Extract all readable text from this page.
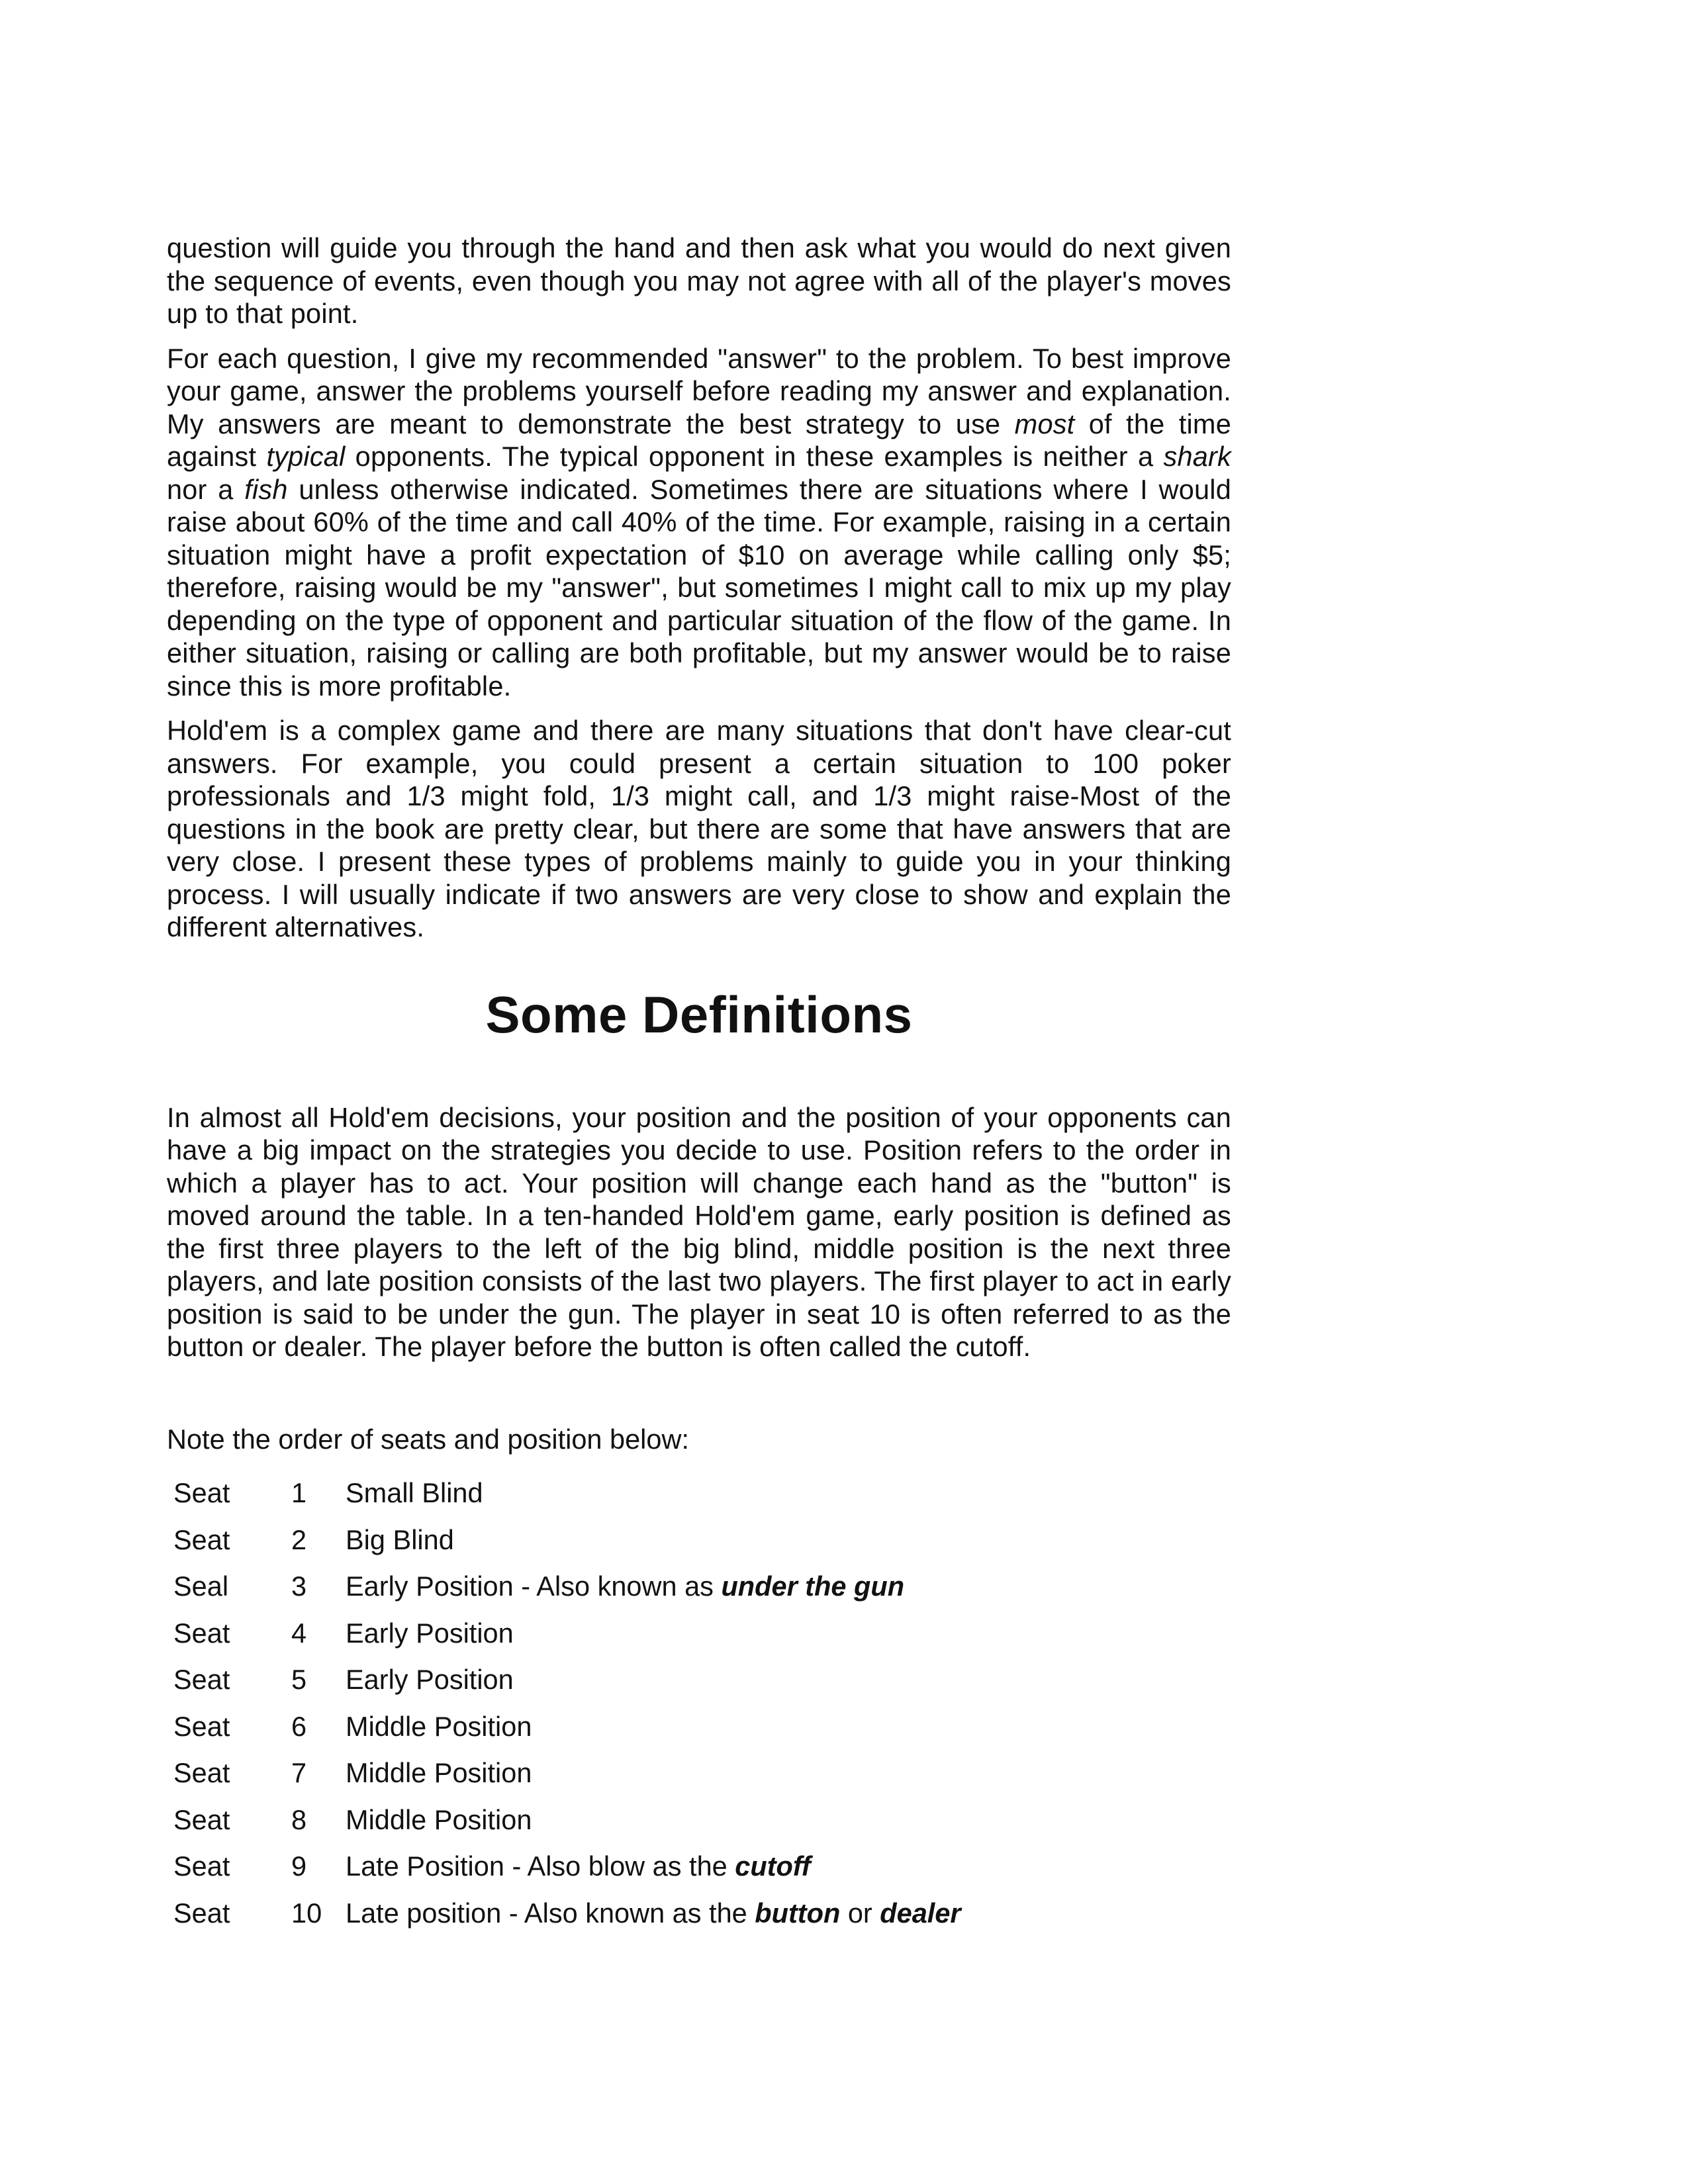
question will guide you through the hand and then ask what you would do next given the sequence of events, even though you may not agree with all of the player's moves up to that point.

For each question, I give my recommended "answer" to the problem. To best improve your game, answer the problems yourself before reading my answer and explanation. My answers are meant to demonstrate the best strategy to use most of the time against typical opponents. The typical opponent in these examples is neither a shark nor a fish unless otherwise indicated. Sometimes there are situations where I would raise about 60% of the time and call 40% of the time. For example, raising in a certain situation might have a profit expectation of $10 on average while calling only $5; therefore, raising would be my "answer", but sometimes I might call to mix up my play depending on the type of opponent and particular situation of the flow of the game. In either situation, raising or calling are both profitable, but my answer would be to raise since this is more profitable.

Hold'em is a complex game and there are many situations that don't have clear-cut answers. For example, you could present a certain situation to 100 poker professionals and 1/3 might fold, 1/3 might call, and 1/3 might raise-Most of the questions in the book are pretty clear, but there are some that have answers that are very close. I present these types of problems mainly to guide you in your thinking process. I will usually indicate if two answers are very close to show and explain the different alternatives.

Some Definitions

In almost all Hold'em decisions, your position and the position of your opponents can have a big impact on the strategies you decide to use. Position refers to the order in which a player has to act. Your position will change each hand as the "button" is moved around the table. In a ten-handed Hold'em game, early position is defined as the first three players to the left of the big blind, middle position is the next three players, and late position consists of the last two players. The first player to act in early position is said to be under the gun. The player in seat 10 is often referred to as the button or dealer. The player before the button is often called the cutoff.

Note the order of seats and position below:

Seat	1	Small Blind
Seat	2	Big Blind
Seal	3	Early Position - Also known as under the gun
Seat	4	Early Position
Seat	5	Early Position
Seat	6	Middle Position
Seat	7	Middle Position
Seat	8	Middle Position
Seat	9	Late Position - Also blow as the cutoff
Seat	10	Late position - Also known as the button or dealer
